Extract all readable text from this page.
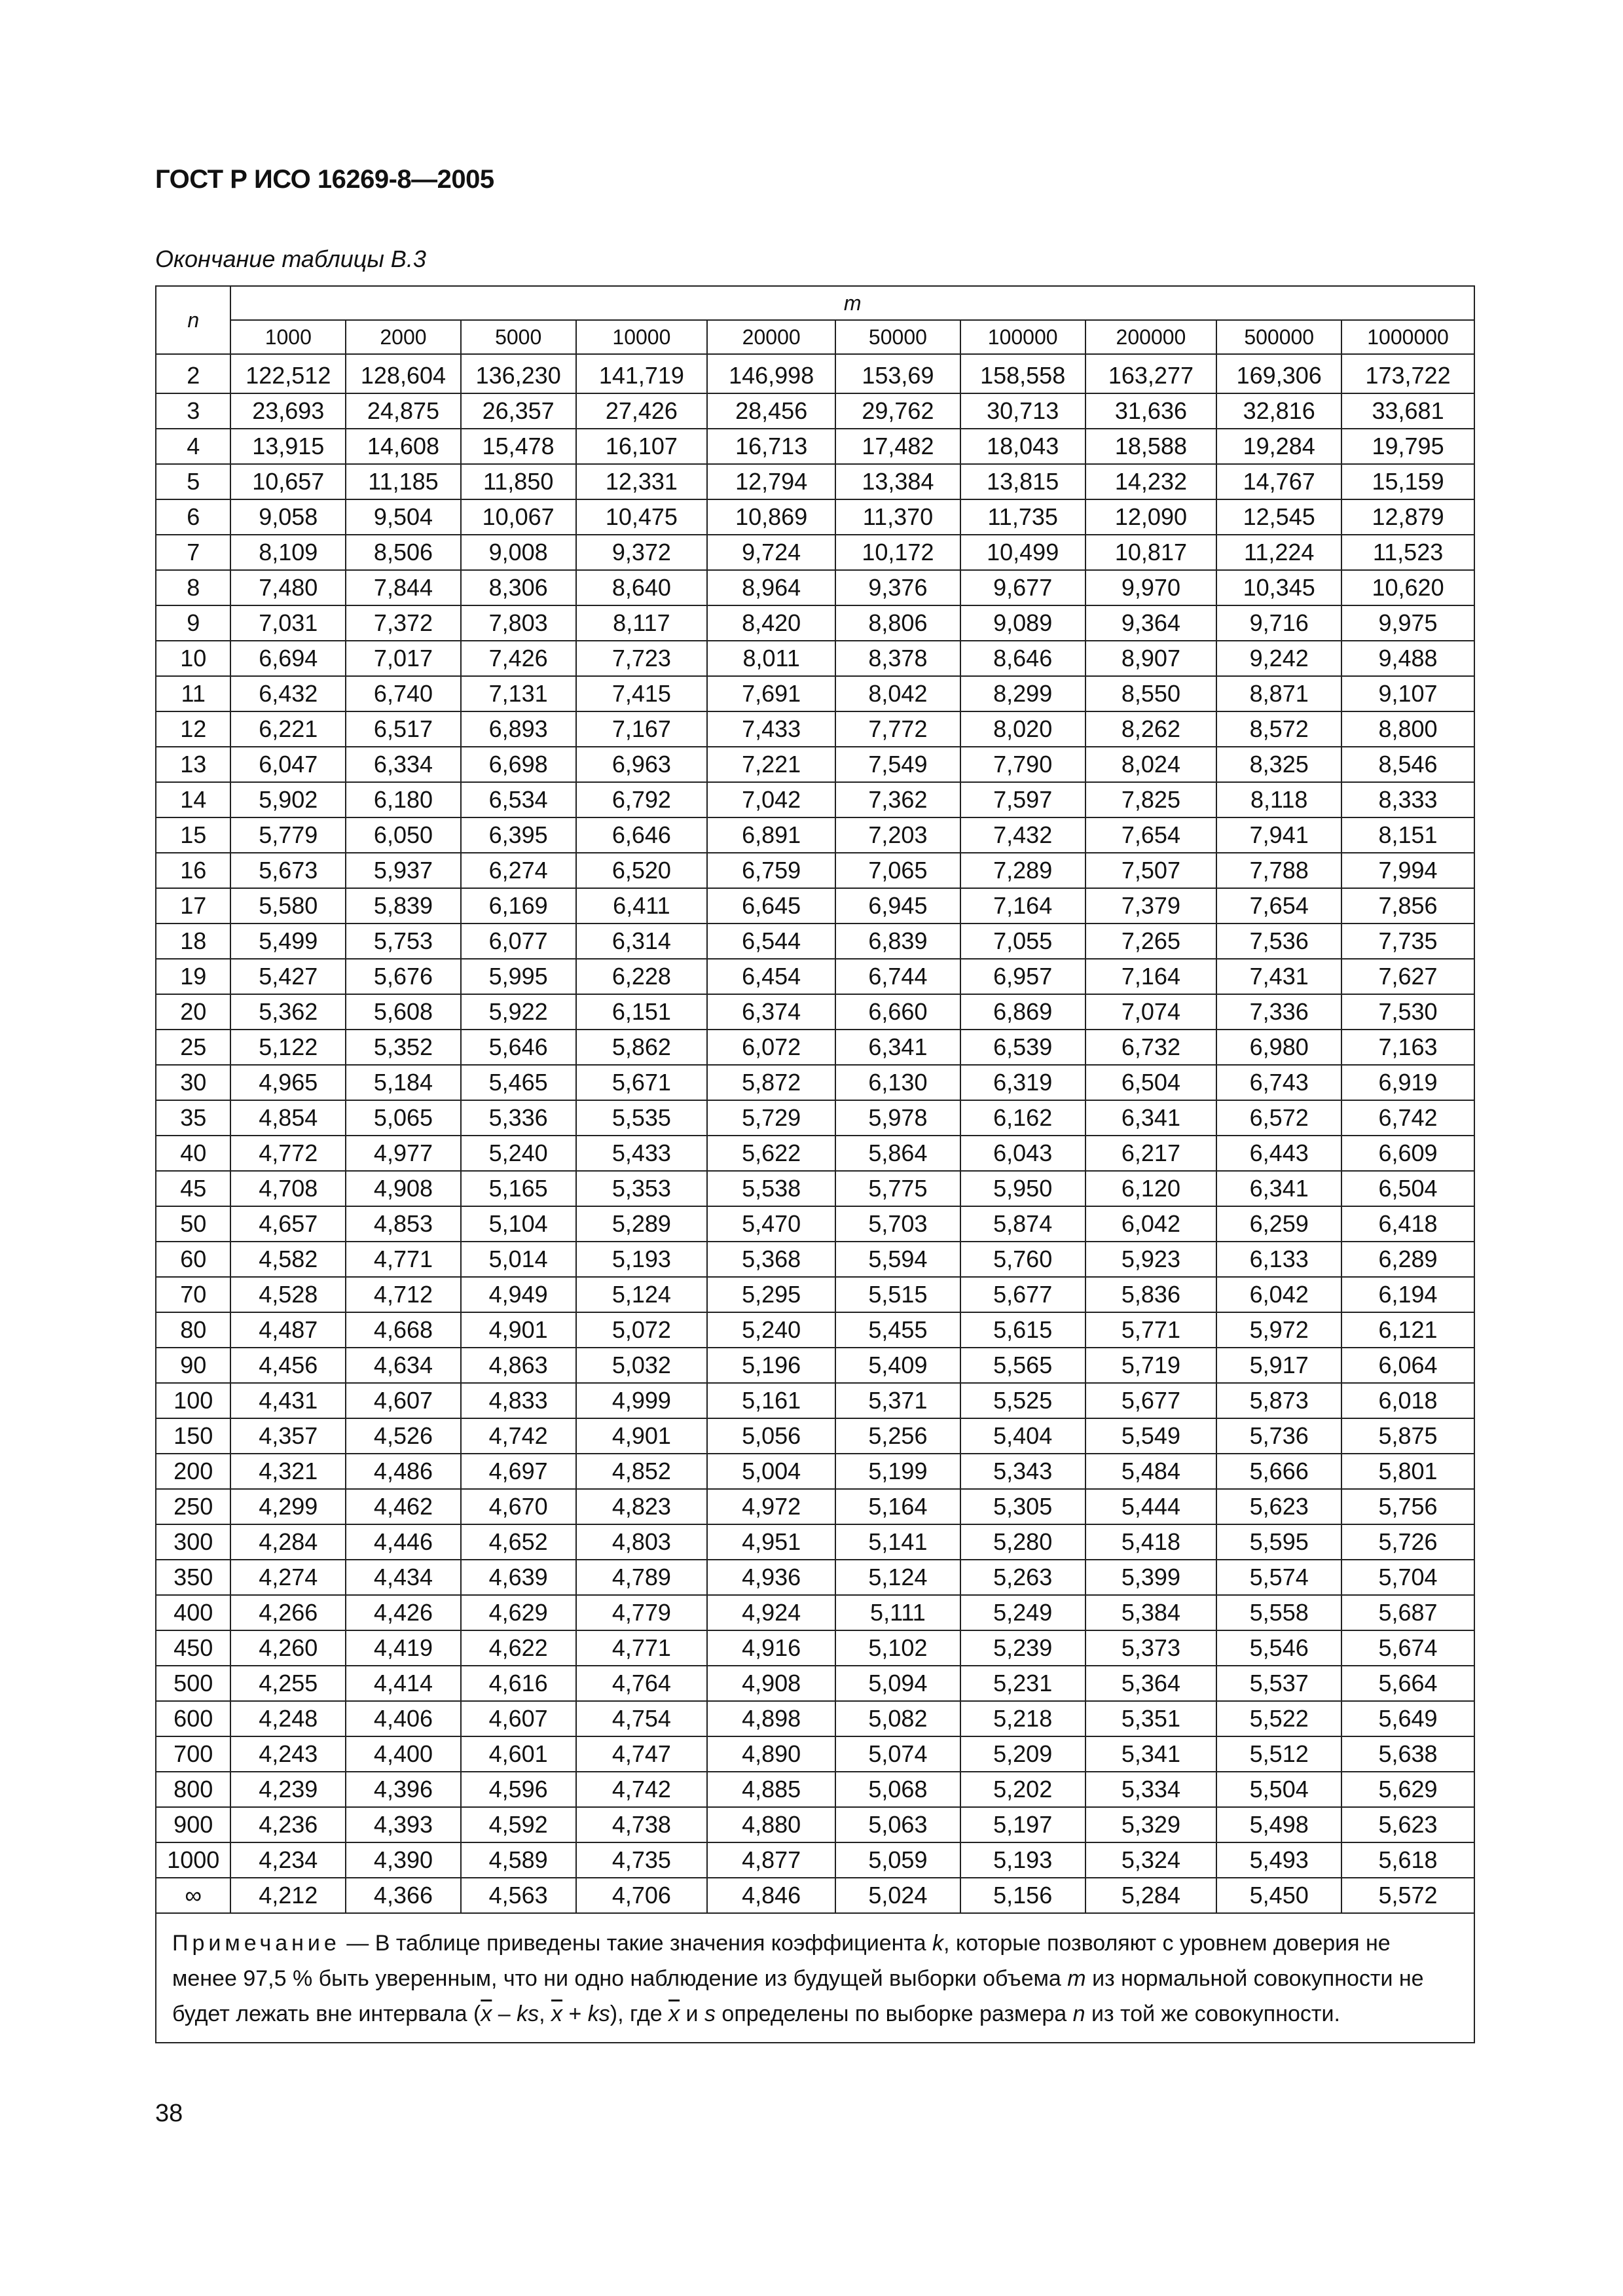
ГОСТ Р ИСО 16269-8—2005
Окончание таблицы В.3
n	m									
	1000	2000	5000	10000	20000	50000	100000	200000	500000	1000000
2	122,512	128,604	136,230	141,719	146,998	153,69	158,558	163,277	169,306	173,722
3	23,693	24,875	26,357	27,426	28,456	29,762	30,713	31,636	32,816	33,681
4	13,915	14,608	15,478	16,107	16,713	17,482	18,043	18,588	19,284	19,795
5	10,657	11,185	11,850	12,331	12,794	13,384	13,815	14,232	14,767	15,159
6	9,058	9,504	10,067	10,475	10,869	11,370	11,735	12,090	12,545	12,879
7	8,109	8,506	9,008	9,372	9,724	10,172	10,499	10,817	11,224	11,523
8	7,480	7,844	8,306	8,640	8,964	9,376	9,677	9,970	10,345	10,620
9	7,031	7,372	7,803	8,117	8,420	8,806	9,089	9,364	9,716	9,975
10	6,694	7,017	7,426	7,723	8,011	8,378	8,646	8,907	9,242	9,488
11	6,432	6,740	7,131	7,415	7,691	8,042	8,299	8,550	8,871	9,107
12	6,221	6,517	6,893	7,167	7,433	7,772	8,020	8,262	8,572	8,800
13	6,047	6,334	6,698	6,963	7,221	7,549	7,790	8,024	8,325	8,546
14	5,902	6,180	6,534	6,792	7,042	7,362	7,597	7,825	8,118	8,333
15	5,779	6,050	6,395	6,646	6,891	7,203	7,432	7,654	7,941	8,151
16	5,673	5,937	6,274	6,520	6,759	7,065	7,289	7,507	7,788	7,994
17	5,580	5,839	6,169	6,411	6,645	6,945	7,164	7,379	7,654	7,856
18	5,499	5,753	6,077	6,314	6,544	6,839	7,055	7,265	7,536	7,735
19	5,427	5,676	5,995	6,228	6,454	6,744	6,957	7,164	7,431	7,627
20	5,362	5,608	5,922	6,151	6,374	6,660	6,869	7,074	7,336	7,530
25	5,122	5,352	5,646	5,862	6,072	6,341	6,539	6,732	6,980	7,163
30	4,965	5,184	5,465	5,671	5,872	6,130	6,319	6,504	6,743	6,919
35	4,854	5,065	5,336	5,535	5,729	5,978	6,162	6,341	6,572	6,742
40	4,772	4,977	5,240	5,433	5,622	5,864	6,043	6,217	6,443	6,609
45	4,708	4,908	5,165	5,353	5,538	5,775	5,950	6,120	6,341	6,504
50	4,657	4,853	5,104	5,289	5,470	5,703	5,874	6,042	6,259	6,418
60	4,582	4,771	5,014	5,193	5,368	5,594	5,760	5,923	6,133	6,289
70	4,528	4,712	4,949	5,124	5,295	5,515	5,677	5,836	6,042	6,194
80	4,487	4,668	4,901	5,072	5,240	5,455	5,615	5,771	5,972	6,121
90	4,456	4,634	4,863	5,032	5,196	5,409	5,565	5,719	5,917	6,064
100	4,431	4,607	4,833	4,999	5,161	5,371	5,525	5,677	5,873	6,018
150	4,357	4,526	4,742	4,901	5,056	5,256	5,404	5,549	5,736	5,875
200	4,321	4,486	4,697	4,852	5,004	5,199	5,343	5,484	5,666	5,801
250	4,299	4,462	4,670	4,823	4,972	5,164	5,305	5,444	5,623	5,756
300	4,284	4,446	4,652	4,803	4,951	5,141	5,280	5,418	5,595	5,726
350	4,274	4,434	4,639	4,789	4,936	5,124	5,263	5,399	5,574	5,704
400	4,266	4,426	4,629	4,779	4,924	5,111	5,249	5,384	5,558	5,687
450	4,260	4,419	4,622	4,771	4,916	5,102	5,239	5,373	5,546	5,674
500	4,255	4,414	4,616	4,764	4,908	5,094	5,231	5,364	5,537	5,664
600	4,248	4,406	4,607	4,754	4,898	5,082	5,218	5,351	5,522	5,649
700	4,243	4,400	4,601	4,747	4,890	5,074	5,209	5,341	5,512	5,638
800	4,239	4,396	4,596	4,742	4,885	5,068	5,202	5,334	5,504	5,629
900	4,236	4,393	4,592	4,738	4,880	5,063	5,197	5,329	5,498	5,623
1000	4,234	4,390	4,589	4,735	4,877	5,059	5,193	5,324	5,493	5,618
∞	4,212	4,366	4,563	4,706	4,846	5,024	5,156	5,284	5,450	5,572
Примечание — В таблице приведены такие значения коэффициента k, которые позволяют с уровнем доверия не менее 97,5 % быть уверенным, что ни одно наблюдение из будущей выборки объема m из нормальной совокупности не будет лежать вне интервала ($\overline{x}$ – ks, $\overline{x} + ks$), где $\overline{x}$ и s определены по выборке размера n из той же совокупности.										
38
